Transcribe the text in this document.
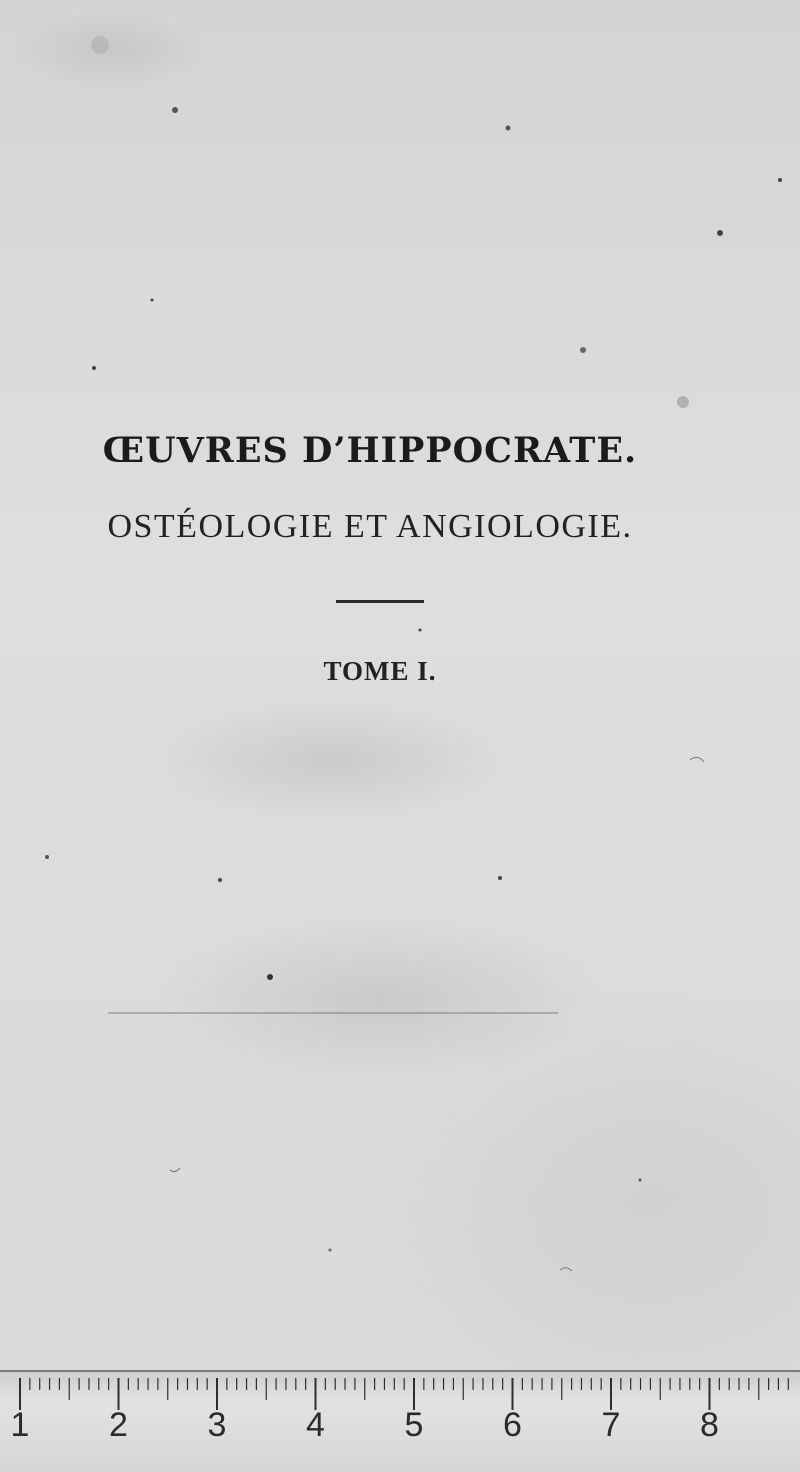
ŒUVRES D’HIPPOCRATE.
OSTÉOLOGIE ET ANGIOLOGIE.
TOME I.
1 2 3 4 5 6 7 8
